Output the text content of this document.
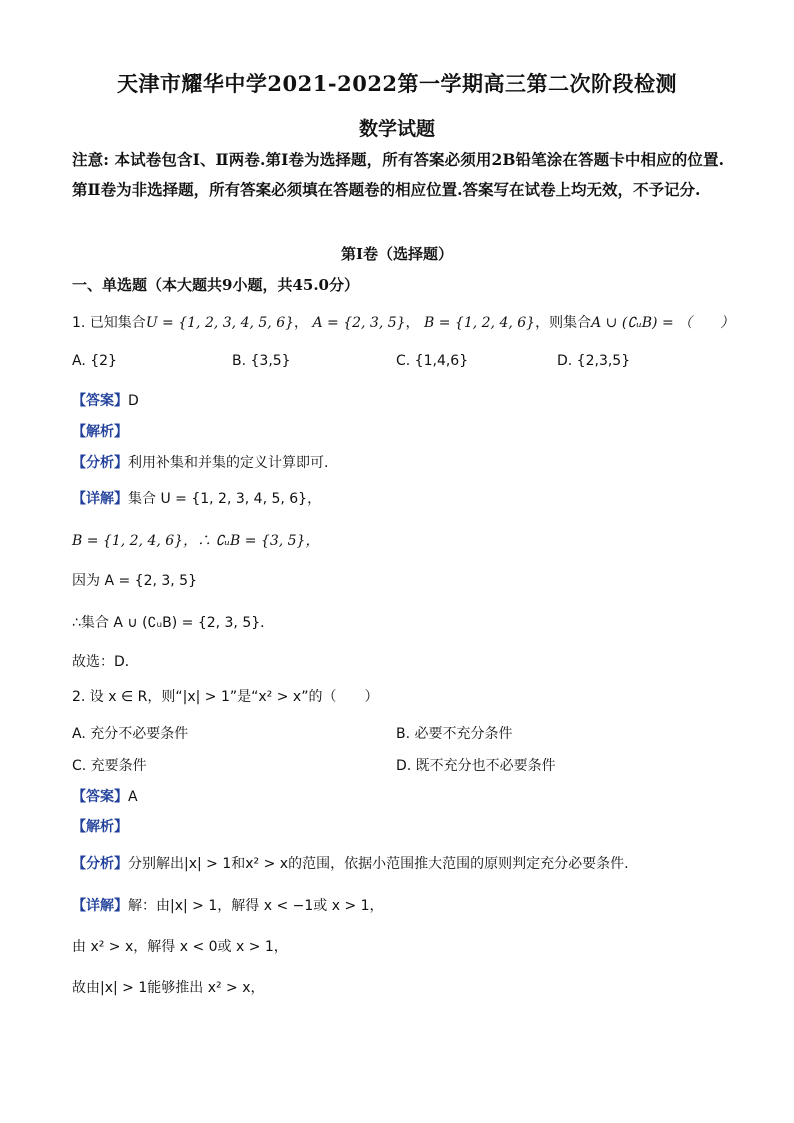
天津市耀华中学2021-2022第一学期高三第二次阶段检测
数学试题
注意: 本试卷包含Ⅰ、Ⅱ两卷.第Ⅰ卷为选择题，所有答案必须用2B铅笔涂在答题卡中相应的位置.第Ⅱ卷为非选择题，所有答案必须填在答题卷的相应位置.答案写在试卷上均无效，不予记分.
第I卷（选择题）
一、单选题（本大题共9小题，共45.0分）
1. 已知集合U = {1, 2, 3, 4, 5, 6}， A = {2, 3, 5}， B = {1, 2, 4, 6}，则集合A ∪ (∁ᵤB) = （　　）
A. {2}	B. {3,5}	C. {1,4,6}	D. {2,3,5}
【答案】D
【解析】
【分析】利用补集和并集的定义计算即可.
【详解】集合 U = {1, 2, 3, 4, 5, 6}，
B = {1, 2, 4, 6}，∴ ∁ᵤB = {3, 5}，
因为 A = {2, 3, 5}
∴集合 A ∪ (∁ᵤB) = {2, 3, 5}．
故选：D．
2. 设 x ∈ R，则“|x| > 1”是“x² > x”的（　　）
A. 充分不必要条件	B. 必要不充分条件
C. 充要条件	D. 既不充分也不必要条件
【答案】A
【解析】
【分析】分别解出|x| > 1和x² > x的范围，依据小范围推大范围的原则判定充分必要条件.
【详解】解：由|x| > 1，解得 x < −1或 x > 1，
由 x² > x，解得 x < 0或 x > 1，
故由|x| > 1能够推出 x² > x，
